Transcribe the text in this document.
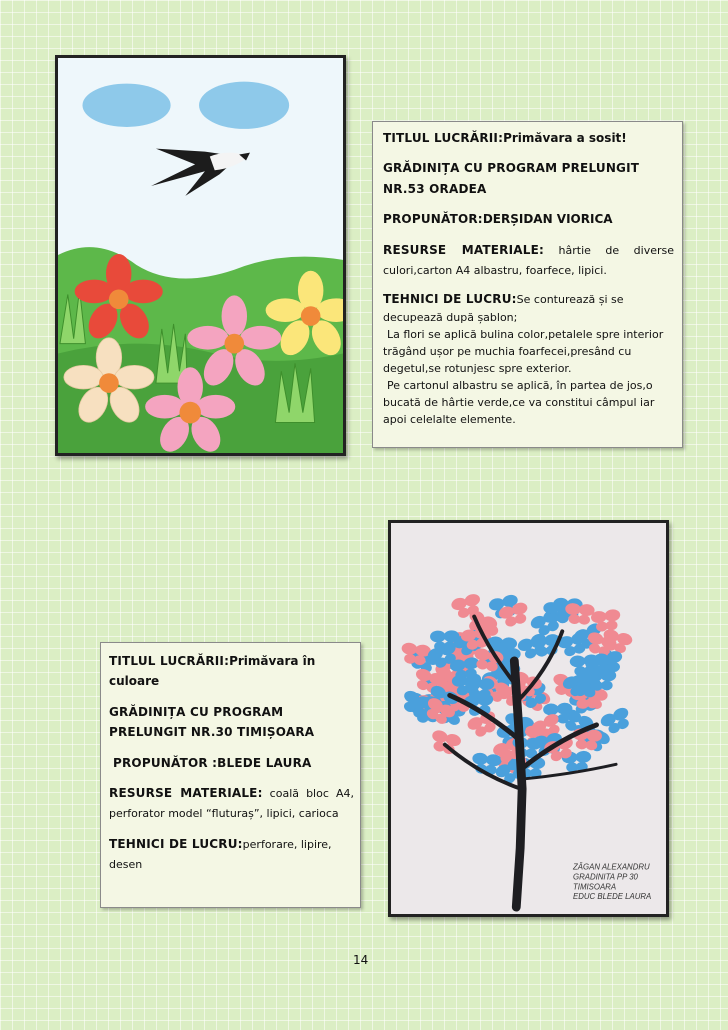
TITLUL LUCRĂRII:Primăvara a sosit!

GRĂDINIȚA CU PROGRAM PRELUNGIT NR.53 ORADEA

PROPUNĂTOR:DERȘIDAN VIORICA

RESURSE MATERIALE: hârtie de diverse culori,carton A4 albastru, foarfece, lipici.

TEHNICI DE LUCRU:Se conturează și se decupează după șablon;
La flori se aplică bulina color,petalele spre interior trăgând ușor pe muchia foarfecei,presând cu degetul,se rotunjesc spre exterior.
Pe cartonul albastru se aplică, în partea de jos,o bucată de hârtie verde,ce va constitui câmpul iar apoi celelalte elemente.
ZĂGAN ALEXANDRU
GRADINITA PP 30
TIMISOARA
EDUC BLEDE LAURA

TITLUL LUCRĂRII:Primăvara în culoare

GRĂDINIȚA CU PROGRAM PRELUNGIT NR.30 TIMIȘOARA

PROPUNĂTOR :BLEDE LAURA

RESURSE MATERIALE: coală bloc A4, perforator model “fluturaș”, lipici, carioca

TEHNICI DE LUCRU:perforare, lipire, desen

14
